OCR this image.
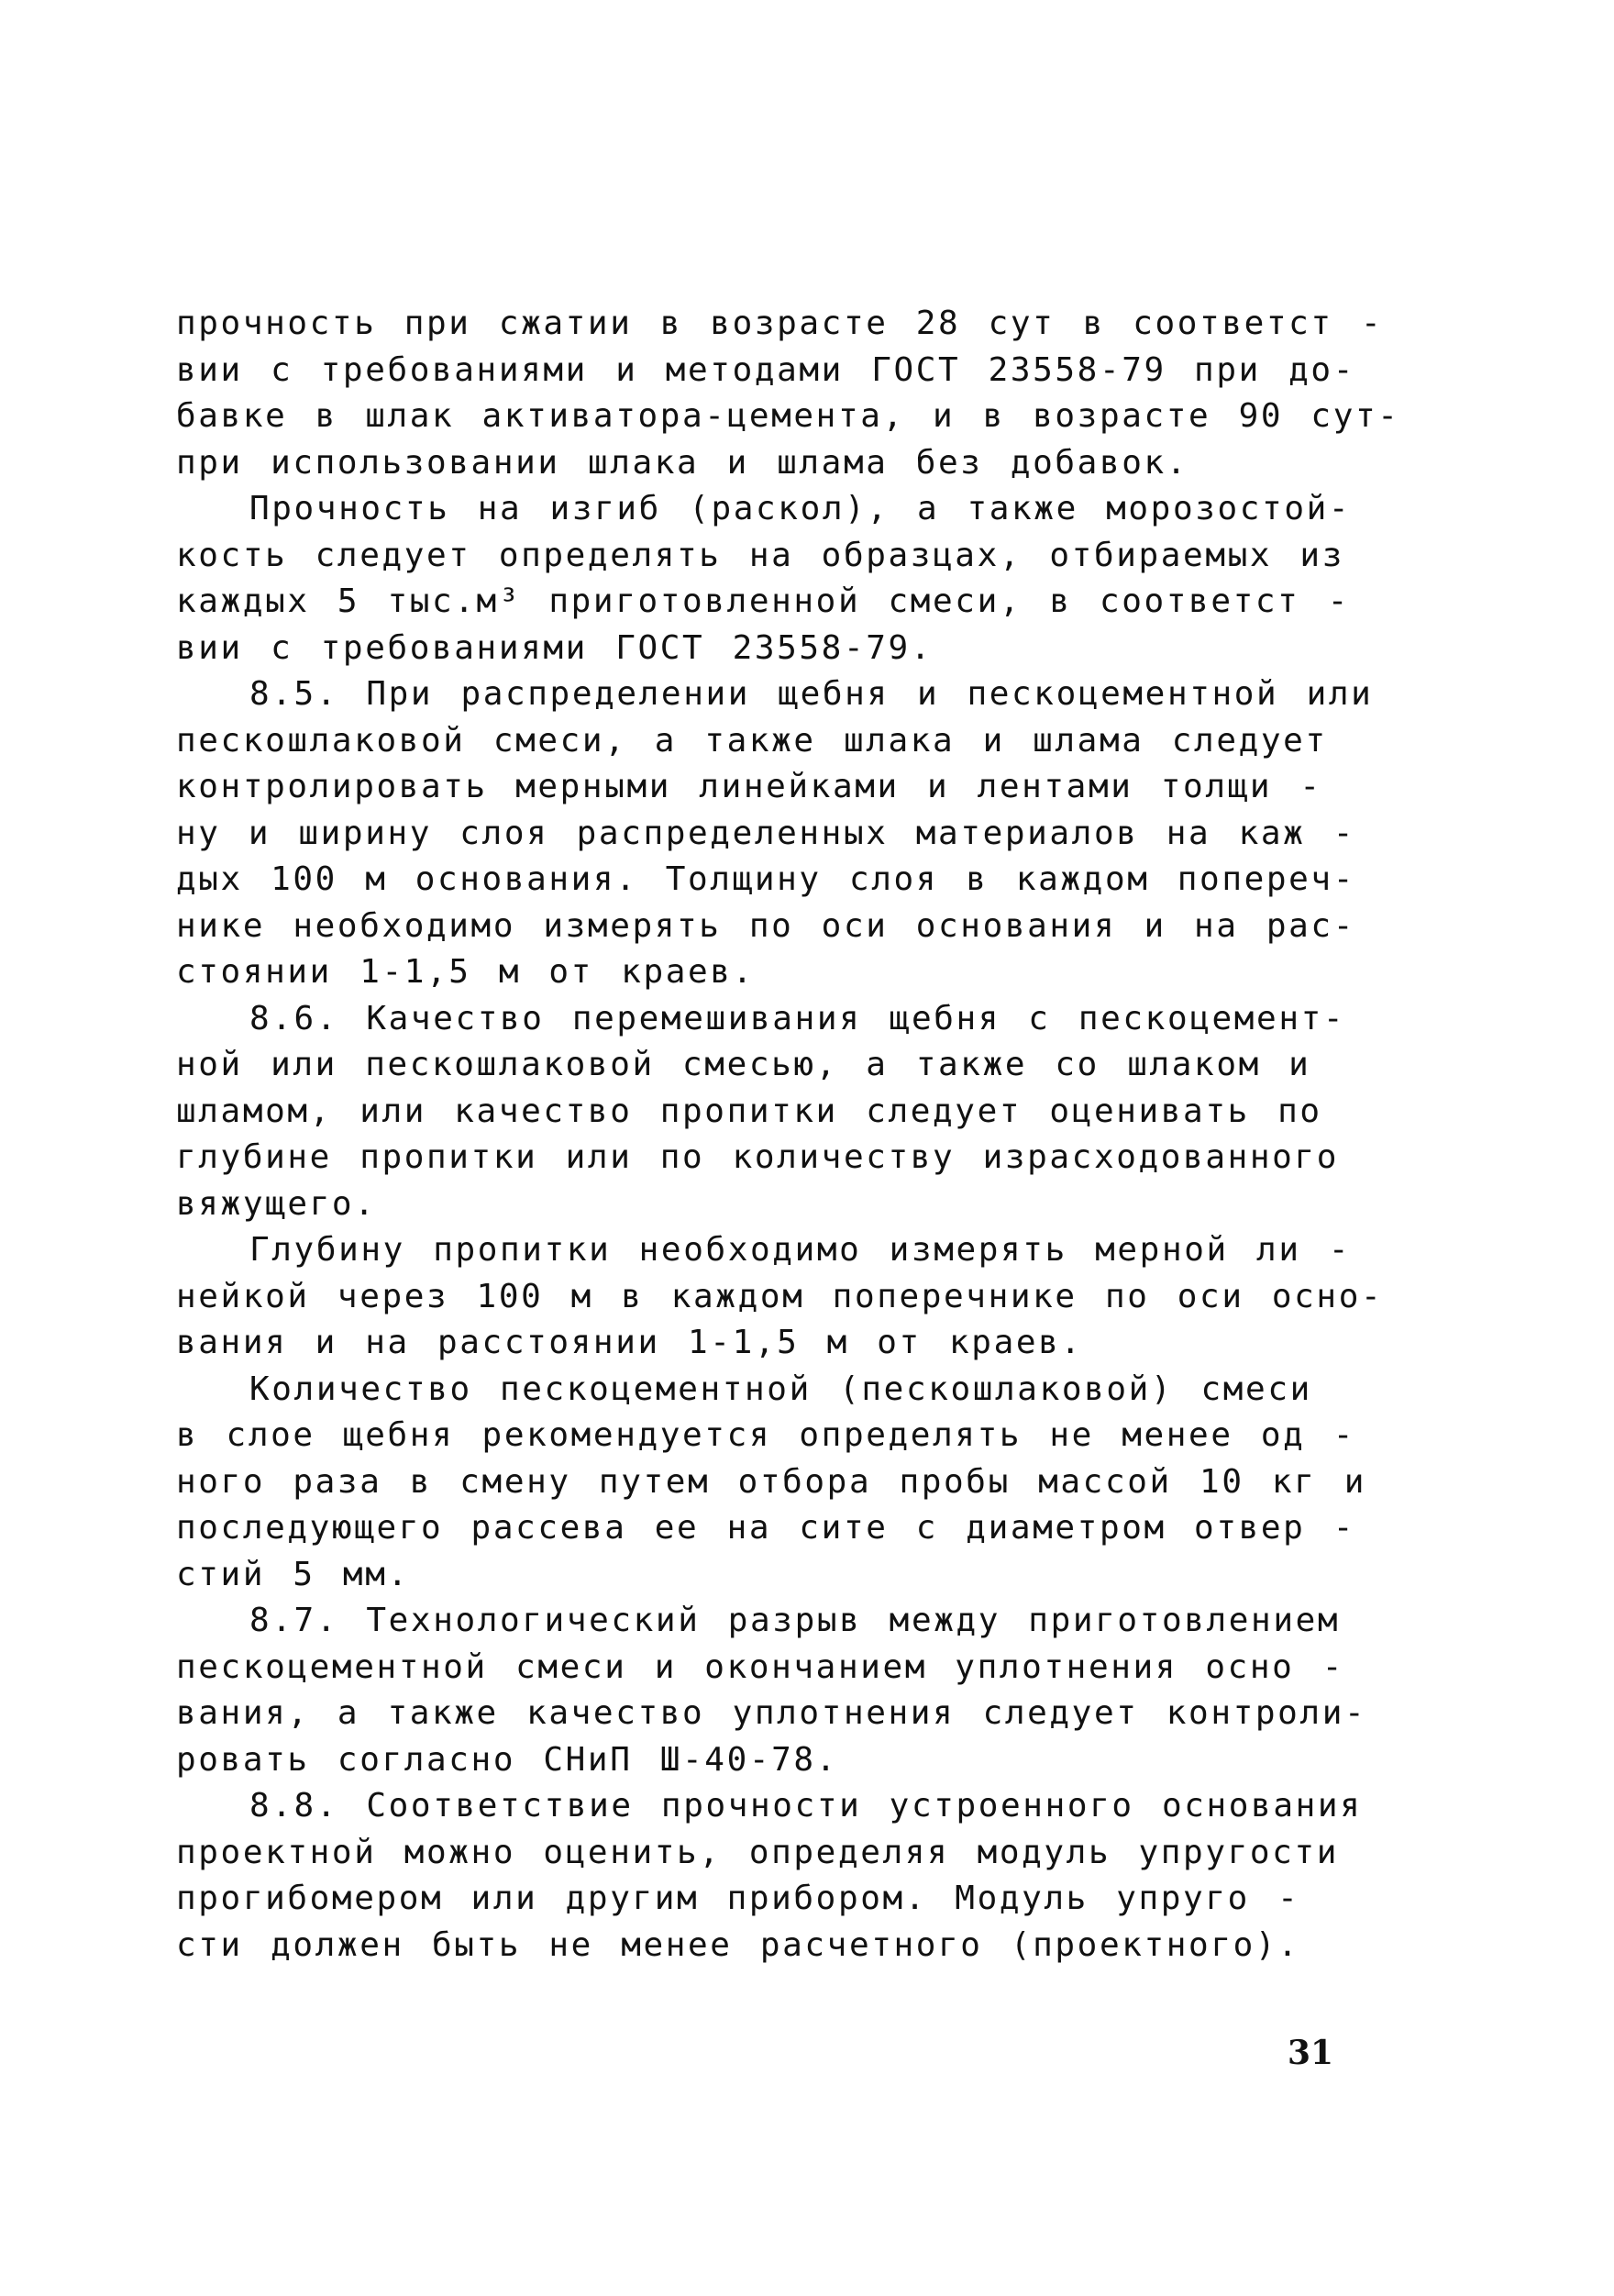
прочность при сжатии в возрасте 28 сут в соответст -
вии с требованиями и методами ГОСТ 23558-79 при до-
бавке в шлак активатора-цемента, и в возрасте 90 сут-
при использовании шлака и шлама без добавок.
Прочность на изгиб (раскол), а также морозостой-
кость следует определять на образцах, отбираемых из
каждых 5 тыс.м³ приготовленной смеси, в соответст -
вии с требованиями ГОСТ 23558-79.
8.5. При распределении щебня и пескоцементной или
пескошлаковой смеси, а также шлака и шлама следует
контролировать мерными линейками и лентами толщи -
ну и ширину слоя распределенных материалов на каж -
дых 100 м основания. Толщину слоя в каждом попереч-
нике необходимо измерять по оси основания и на рас-
стоянии 1-1,5 м от краев.
8.6. Качество перемешивания щебня с пескоцемент-
ной или пескошлаковой смесью, а также со шлаком и
шламом, или качество пропитки следует оценивать по
глубине пропитки или по количеству израсходованного
вяжущего.
Глубину пропитки необходимо измерять мерной ли -
нейкой через 100 м в каждом поперечнике по оси осно-
вания и на расстоянии 1-1,5 м от краев.
Количество пескоцементной (пескошлаковой) смеси
в слое щебня рекомендуется определять не менее од -
ного раза в смену путем отбора пробы массой 10 кг и
последующего рассева ее на сите с диаметром отвер -
стий 5 мм.
8.7. Технологический разрыв между приготовлением
пескоцементной смеси и окончанием уплотнения осно -
вания, а также качество уплотнения следует контроли-
ровать согласно СНиП Ш-40-78.
8.8. Соответствие прочности устроенного основания
проектной можно оценить, определяя модуль упругости
прогибомером или другим прибором. Модуль упруго -
сти должен быть не менее расчетного (проектного).
31
